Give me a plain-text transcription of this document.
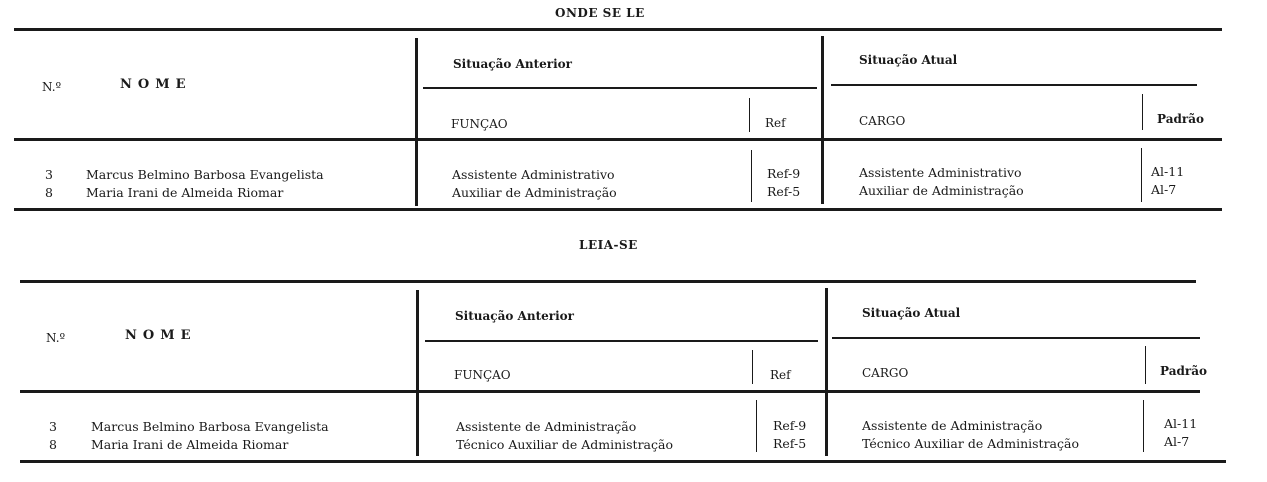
ONDE SE LE
N.º	NOME
Situação Anterior	Situação Atual
FUNÇAO	Ref	CARGO	Padrão
3	Marcus Belmino Barbosa Evangelista	Assistente Administrativo	Ref-9	Assistente Administrativo	Al-11
8	Maria Irani de Almeida Riomar	Auxiliar de Administração	Ref-5	Auxiliar de Administração	Al-7
LEIA-SE
N.º	NOME
Situação Anterior	Situação Atual
FUNÇAO	Ref	CARGO	Padrão
3	Marcus Belmino Barbosa Evangelista	Assistente de Administração	Ref-9	Assistente de Administração	Al-11
8	Maria Irani de Almeida Riomar	Técnico Auxiliar de Administração	Ref-5	Técnico Auxiliar de Administração	Al-7
